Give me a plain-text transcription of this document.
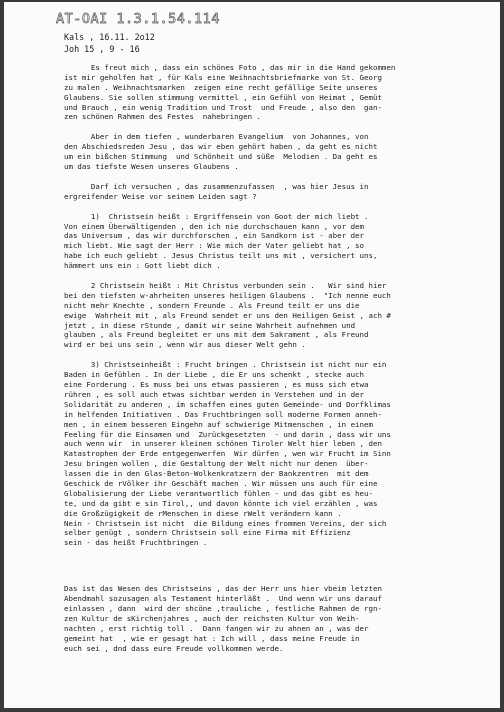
AT-OAI 1.3.1.54.114
Kals , 16.11. 2o12
Joh 15 , 9 - 16
Es freut mich , dass ein schönes Foto , das mir in die Hand gekommen
ist mir geholfen hat , für Kals eine Weihnachtsbriefmarke von St. Georg
zu malen . Weihnachtsmarken  zeigen eine recht gefällige Seite unseres
Glaubens. Sie sollen stimmung vermittel , ein Gefühl von Heimat , Gemüt
und Brauch , ein wenig Tradition und Trost  und Freude , also den  gan-
zen schönen Rahmen des Festes  nahebringen .
Aber in dem tiefen , wunderbaren Evangelium  von Johannes, von
den Abschiedsreden Jesu , das wir eben gehört haben , da geht es nicht
um ein bißchen Stimmung  und Schönheit und süße  Melodien . Da geht es
um das tiefste Wesen unseres Glaubens .
Darf ich versuchen , das zusammenzufassen  , was hier Jesus in
ergreifender Weise vor seinem Leiden sagt ?
1)  Christsein heißt : Ergriffensein von Goot der mich liebt .
Von einem Überwältigenden , den ich nie durchschauen kann , vor dem
das Universum , das wir durchforschen , ein Sandkorn ist - aber der
mich liebt. Wie sagt der Herr : Wie mich der Vater geliebt hat , so
habe ich euch geliebt . Jesus Christus teilt uns mit , versichert uns,
hämmert uns ein : Gott liebt dich .
2 Christsein heißt : Mit Christus verbunden sein .   Wir sind hier
bei den tiefsten w-ahrheiten unseres heiligen Glaubens .  "Ich nenne euch
nicht mehr Knechte , sondern Freunde . Als Freund teilt er uns die
ewige  Wahrheit mit , als Freund sendet er uns den Heiligen Geist , ach #
jetzt , in diese rStunde , damit wir seine Wahrheit aufnehmen und
glauben , als Freund begleitet er uns mit dem Sakrament , als Freund
wird er bei uns sein , wenn wir aus dieser Welt gehn .
3) Christseinheißt : Frucht bringen . Christsein ist nicht nur ein
Baden in Gefühlen . In der Liebe , die Er uns schenkt , stecke auch
eine Forderung . Es muss bei uns etwas passieren , es muss sich etwa
rühren , es soll auch etwas sichtbar werden in Verstehen und in der
Solidarität zu anderen , im schaffen eines guten Gemeinde- und Dorfklimas
in helfenden Initiativen . Das Fruchtbringen soll moderne Formen anneh-
men , in einem besseren Eingehn auf schwierige Mitmenschen , in einem
Feeling für die Einsamen und  Zurückgesetzten  - und darin , dass wir uns
auch wenn wir  in unserer kleinen schönen Tiroler Welt hier leben , den
Katastrophen der Erde entgegenwerfen  Wir dürfen , wen wir Frucht im Sinn
Jesu bringen wollen , die Gestaltung der Welt nicht nur denen  über-
lassen die in den Glas-Beton-Wolkenkratzern der Bankzentren  mit dem
Geschick de rVölker ihr Geschäft machen . Wir müssen uns auch für eine
Globalisierung der Liebe verantwortlich fühlen - und das gibt es heu-
te, und da gibt e sin Tirol,, und davon könnte ich viel erzählen , was
die Großzügigkeit de rMenschen in diese rWelt verändern kann .
Nein - Christsein ist nicht  die Bildung eines frommen Vereins, der sich
selber genügt , sondern Christsein soll eine Firma mit Effizienz
sein - das heißt Fruchtbringen .
Das ist das Wesen des Christseins , das der Herr uns hier vbeim letzten
Abendmahl sozusagen als Testament hinterläßt .  Und wenn wir uns darauf
einlassen , dann  wird der shcöne ,trauliche , festliche Rahmen de rgn-
zen Kultur de sKirchenjahres , auch der reichsten Kultur von Weih-
nachten , erst richtig toll .  Dann fangen wir zu ahnen an , was der
gemeint hat  , wie er gesagt hat : Ich will , dass meine Freude in
euch sei , dnd dass eure Freude vollkommen werde.
